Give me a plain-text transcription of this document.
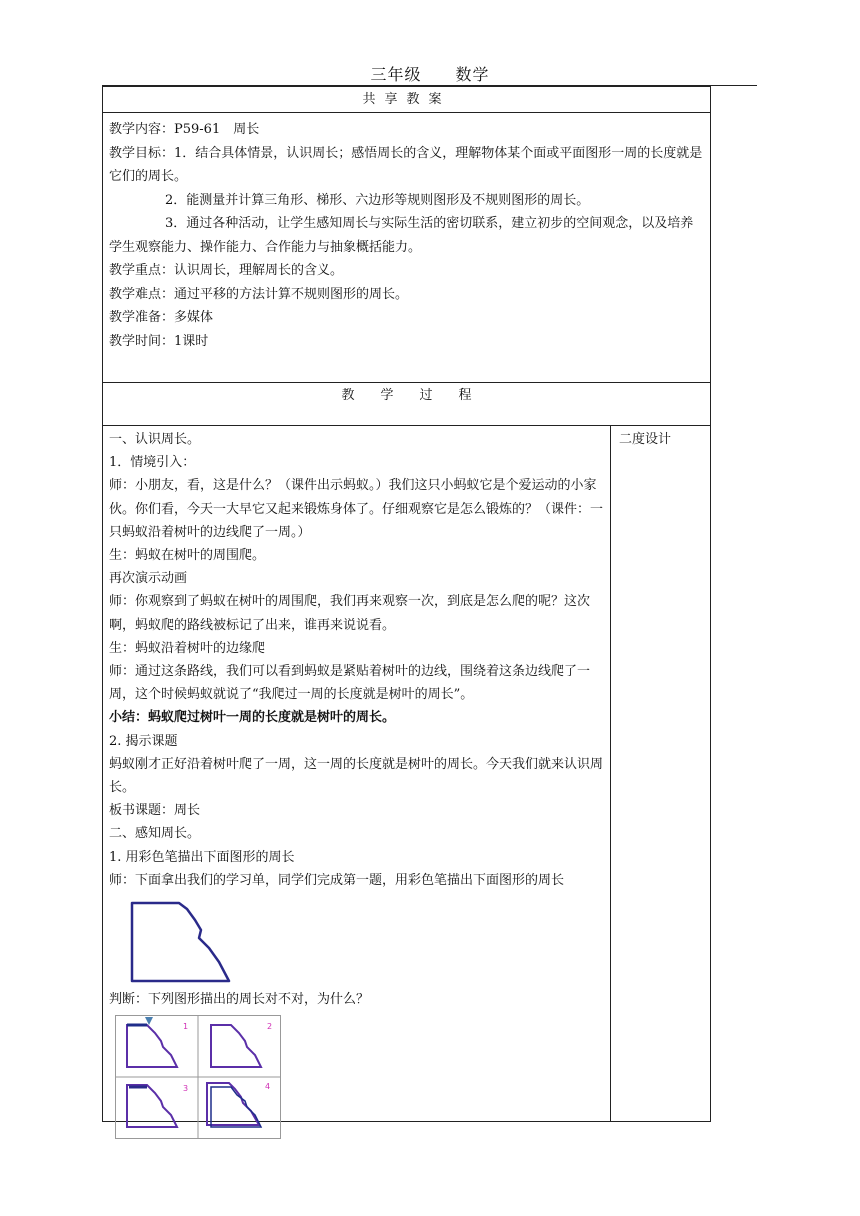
三年级　　数学
共享教案

教学内容：P59-61　周长

教学目标：1．结合具体情景，认识周长；感悟周长的含义，理解物体某个面或平面图形一周的长度就是它们的周长。

2．能测量并计算三角形、梯形、六边形等规则图形及不规则图形的周长。

3．通过各种活动，让学生感知周长与实际生活的密切联系，建立初步的空间观念，以及培养学生观察能力、操作能力、合作能力与抽象概括能力。

教学重点：认识周长，理解周长的含义。

教学难点：通过平移的方法计算不规则图形的周长。

教学准备：多媒体

教学时间：1课时

教　　学　　过　　程

一、认识周长。

1．情境引入：

师：小朋友，看，这是什么？（课件出示蚂蚁。）我们这只小蚂蚁它是个爱运动的小家伙。你们看，今天一大早它又起来锻炼身体了。仔细观察它是怎么锻炼的？（课件：一只蚂蚁沿着树叶的边线爬了一周。）

生：蚂蚁在树叶的周围爬。

再次演示动画

师：你观察到了蚂蚁在树叶的周围爬，我们再来观察一次，到底是怎么爬的呢？这次啊，蚂蚁爬的路线被标记了出来，谁再来说说看。

生：蚂蚁沿着树叶的边缘爬

师：通过这条路线，我们可以看到蚂蚁是紧贴着树叶的边线，围绕着这条边线爬了一周，这个时候蚂蚁就说了“我爬过一周的长度就是树叶的周长”。

小结：蚂蚁爬过树叶一周的长度就是树叶的周长。

2. 揭示课题

蚂蚁刚才正好沿着树叶爬了一周，这一周的长度就是树叶的周长。今天我们就来认识周长。

板书课题：周长

二、感知周长。

1. 用彩色笔描出下面图形的周长

师：下面拿出我们的学习单，同学们完成第一题，用彩色笔描出下面图形的周长

判断：下列图形描出的周长对不对，为什么？

1	2
3	4
二度设计
